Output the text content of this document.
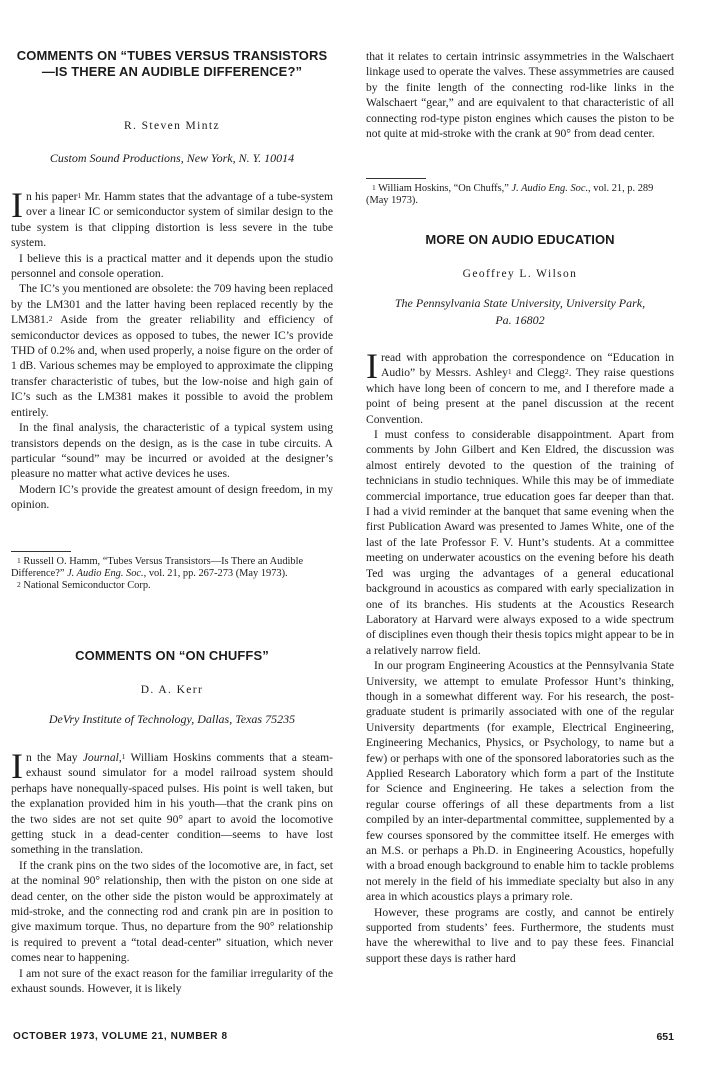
COMMENTS ON “TUBES VERSUS TRANSISTORS—IS THERE AN AUDIBLE DIFFERENCE?”
R. Steven Mintz
Custom Sound Productions, New York, N. Y. 10014

In his paper$^1$ Mr. Hamm states that the advantage of a tube-system over a linear IC or semiconductor system of similar design to the tube system is that clipping distortion is less severe in the tube system.

I believe this is a practical matter and it depends upon the studio personnel and console operation.

The IC’s you mentioned are obsolete: the 709 having been replaced by the LM301 and the latter having been replaced recently by the LM381.$^2$ Aside from the greater reliability and efficiency of semiconductor devices as opposed to tubes, the newer IC’s provide THD of 0.2% and, when used properly, a noise figure on the order of 1 dB. Various schemes may be employed to approximate the clipping transfer characteristic of tubes, but the low-noise and high gain of IC’s such as the LM381 makes it possible to avoid the problem entirely.

In the final analysis, the characteristic of a typical system using transistors depends on the design, as is the case in tube circuits. A particular “sound” may be incurred or avoided at the designer’s pleasure no matter what active devices he uses.

Modern IC’s provide the greatest amount of design freedom, in my opinion.

$^1$ Russell O. Hamm, “Tubes Versus Transistors—Is There an Audible Difference?” J. Audio Eng. Soc., vol. 21, pp. 267-273 (May 1973).

$^2$ National Semiconductor Corp.

COMMENTS ON “ON CHUFFS”
D. A. Kerr
DeVry Institute of Technology, Dallas, Texas 75235

In the May Journal,$^1$ William Hoskins comments that a steam-exhaust sound simulator for a model railroad system should perhaps have nonequally-spaced pulses. His point is well taken, but the explanation provided him in his youth—that the crank pins on the two sides are not set quite 90° apart to avoid the locomotive getting stuck in a dead-center condition—seems to have lost something in the translation.

If the crank pins on the two sides of the locomotive are, in fact, set at the nominal 90° relationship, then with the piston on one side at dead center, on the other side the piston would be approximately at mid-stroke, and the connecting rod and crank pin are in position to give maximum torque. Thus, no departure from the 90° relationship is required to prevent a “total dead-center” situation, which never comes near to happening.

I am not sure of the exact reason for the familiar irregularity of the exhaust sounds. However, it is likely

that it relates to certain intrinsic assymmetries in the Walschaert linkage used to operate the valves. These assymmetries are caused by the finite length of the connecting rod-like links in the Walschaert “gear,” and are equivalent to that characteristic of all connecting rod-type piston engines which causes the piston to be not quite at mid-stroke with the crank at 90° from dead center.

$^1$ William Hoskins, “On Chuffs,” J. Audio Eng. Soc., vol. 21, p. 289 (May 1973).

MORE ON AUDIO EDUCATION
Geoffrey L. Wilson
The Pennsylvania State University, University Park, Pa. 16802

I read with approbation the correspondence on “Education in Audio” by Messrs. Ashley$^1$ and Clegg$^2$. They raise questions which have long been of concern to me, and I therefore made a point of being present at the panel discussion at the recent Convention.

I must confess to considerable disappointment. Apart from comments by John Gilbert and Ken Eldred, the discussion was almost entirely devoted to the question of the training of technicians in studio techniques. While this may be of immediate commercial importance, true education goes far deeper than that. I had a vivid reminder at the banquet that same evening when the first Publication Award was presented to James White, one of the last of the late Professor F. V. Hunt’s students. At a committee meeting on underwater acoustics on the evening before his death Ted was urging the advantages of a general educational background in acoustics as compared with early specialization in one of its branches. His students at the Acoustics Research Laboratory at Harvard were always exposed to a wide spectrum of disciplines even though their thesis topics might appear to be in a relatively narrow field.

In our program Engineering Acoustics at the Pennsylvania State University, we attempt to emulate Professor Hunt’s thinking, though in a somewhat different way. For his research, the post-graduate student is primarily associated with one of the regular University departments (for example, Electrical Engineering, Engineering Mechanics, Physics, or Psychology, to name but a few) or perhaps with one of the sponsored laboratories such as the Applied Research Laboratory which form a part of the Institute for Science and Engineering. He takes a selection from the regular course offerings of all these departments from a list compiled by an inter-departmental committee, supplemented by a few courses sponsored by the committee itself. He emerges with an M.S. or perhaps a Ph.D. in Engineering Acoustics, hopefully with a broad enough background to enable him to tackle problems not merely in the field of his immediate specialty but also in any area in which acoustics plays a primary role.

However, these programs are costly, and cannot be entirely supported from students’ fees. Furthermore, the students must have the wherewithal to live and to pay these fees. Financial support these days is rather hard

OCTOBER 1973, VOLUME 21, NUMBER 8	651
